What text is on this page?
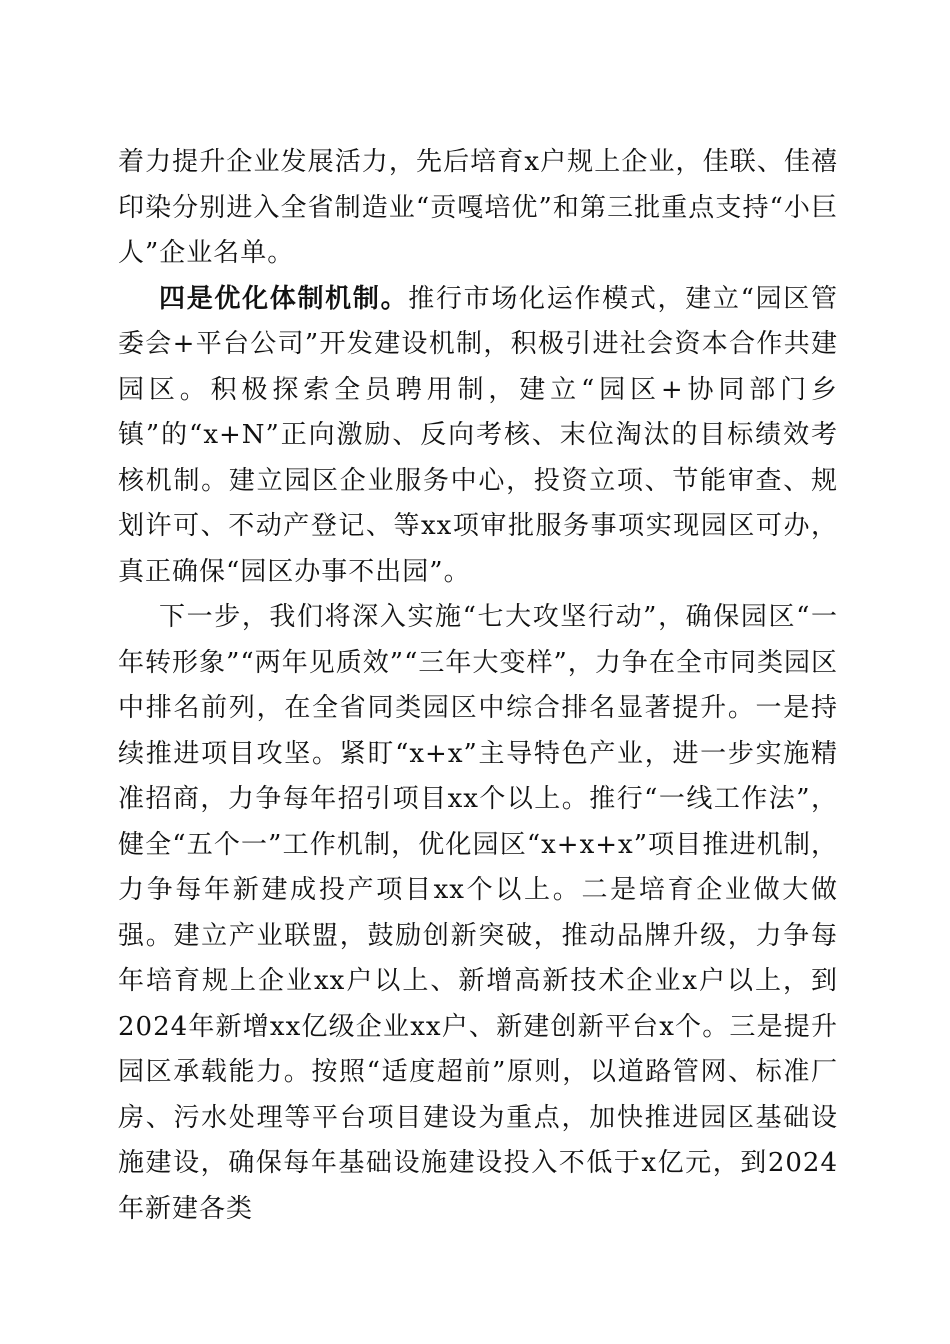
着力提升企业发展活力，先后培育x户规上企业，佳联、佳禧印染分别进入全省制造业“贡嘎培优”和第三批重点支持“小巨人”企业名单。

四是优化体制机制。推行市场化运作模式，建立“园区管委会+平台公司”开发建设机制，积极引进社会资本合作共建园区。积极探索全员聘用制，建立“园区+协同部门乡镇”的“x+N”正向激励、反向考核、末位淘汰的目标绩效考核机制。建立园区企业服务中心，投资立项、节能审查、规划许可、不动产登记、等xx项审批服务事项实现园区可办，真正确保“园区办事不出园”。

下一步，我们将深入实施“七大攻坚行动”，确保园区“一年转形象”“两年见质效”“三年大变样”，力争在全市同类园区中排名前列，在全省同类园区中综合排名显著提升。一是持续推进项目攻坚。紧盯“x+x”主导特色产业，进一步实施精准招商，力争每年招引项目xx个以上。推行“一线工作法”，健全“五个一”工作机制，优化园区“x+x+x”项目推进机制，力争每年新建成投产项目xx个以上。二是培育企业做大做强。建立产业联盟，鼓励创新突破，推动品牌升级，力争每年培育规上企业xx户以上、新增高新技术企业x户以上，到2024年新增xx亿级企业xx户、新建创新平台x个。三是提升园区承载能力。按照“适度超前”原则，以道路管网、标准厂房、污水处理等平台项目建设为重点，加快推进园区基础设施建设，确保每年基础设施建设投入不低于x亿元，到2024年新建各类
